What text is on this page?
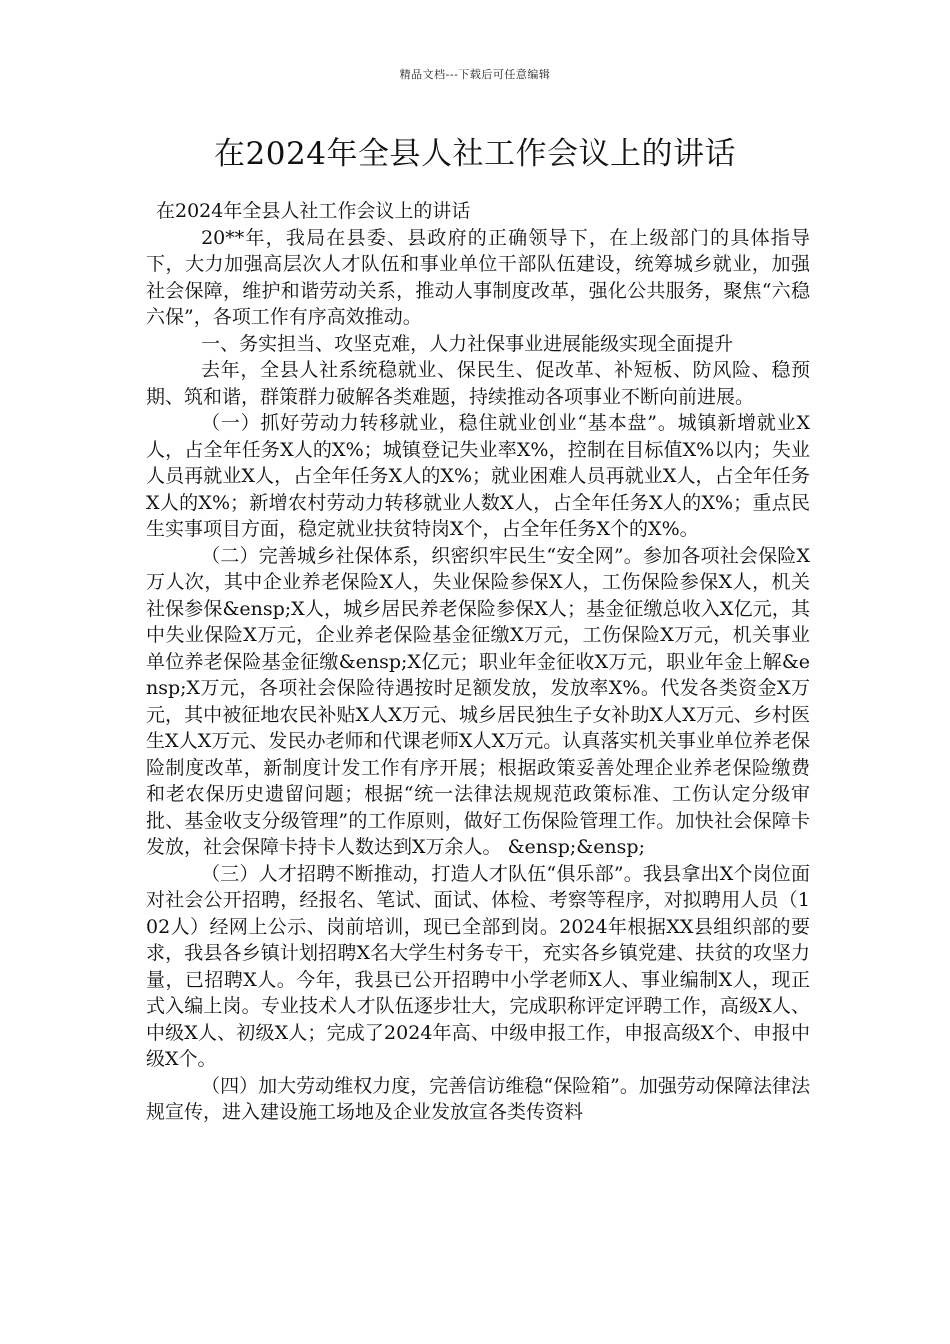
精品文档---下载后可任意编辑
在2024年全县人社工作会议上的讲话

在2024年全县人社工作会议上的讲话

20**年，我局在县委、县政府的正确领导下，在上级部门的具体指导下，大力加强高层次人才队伍和事业单位干部队伍建设，统筹城乡就业，加强社会保障，维护和谐劳动关系，推动人事制度改革，强化公共服务，聚焦“六稳六保”，各项工作有序高效推动。

一、务实担当、攻坚克难，人力社保事业进展能级实现全面提升

去年，全县人社系统稳就业、保民生、促改革、补短板、防风险、稳预期、筑和谐，群策群力破解各类难题，持续推动各项事业不断向前进展。

（一）抓好劳动力转移就业，稳住就业创业“基本盘”。城镇新增就业X人，占全年任务X人的X%；城镇登记失业率X%，控制在目标值X%以内；失业人员再就业X人，占全年任务X人的X%；就业困难人员再就业X人，占全年任务X人的X%；新增农村劳动力转移就业人数X人，占全年任务X人的X%；重点民生实事项目方面，稳定就业扶贫特岗X个，占全年任务X个的X%。

（二）完善城乡社保体系，织密织牢民生“安全网”。参加各项社会保险X万人次，其中企业养老保险X人，失业保险参保X人，工伤保险参保X人，机关社保参保&ensp;X人，城乡居民养老保险参保X人；基金征缴总收入X亿元，其中失业保险X万元，企业养老保险基金征缴X万元，工伤保险X万元，机关事业单位养老保险基金征缴&ensp;X亿元；职业年金征收X万元，职业年金上解&ensp;X万元，各项社会保险待遇按时足额发放，发放率X%。代发各类资金X万元，其中被征地农民补贴X人X万元、城乡居民独生子女补助X人X万元、乡村医生X人X万元、发民办老师和代课老师X人X万元。认真落实机关事业单位养老保险制度改革，新制度计发工作有序开展；根据政策妥善处理企业养老保险缴费和老农保历史遗留问题；根据“统一法律法规规范政策标准、工伤认定分级审批、基金收支分级管理”的工作原则，做好工伤保险管理工作。加快社会保障卡发放，社会保障卡持卡人数达到X万余人。 &ensp;&ensp;

（三）人才招聘不断推动，打造人才队伍“俱乐部”。我县拿出X个岗位面对社会公开招聘，经报名、笔试、面试、体检、考察等程序，对拟聘用人员（102人）经网上公示、岗前培训，现已全部到岗。2024年根据XX县组织部的要求，我县各乡镇计划招聘X名大学生村务专干，充实各乡镇党建、扶贫的攻坚力量，已招聘X人。今年，我县已公开招聘中小学老师X人、事业编制X人，现正式入编上岗。专业技术人才队伍逐步壮大，完成职称评定评聘工作，高级X人、中级X人、初级X人；完成了2024年高、中级申报工作，申报高级X个、申报中级X个。

（四）加大劳动维权力度，完善信访维稳“保险箱”。加强劳动保障法律法规宣传，进入建设施工场地及企业发放宣各类传资料
